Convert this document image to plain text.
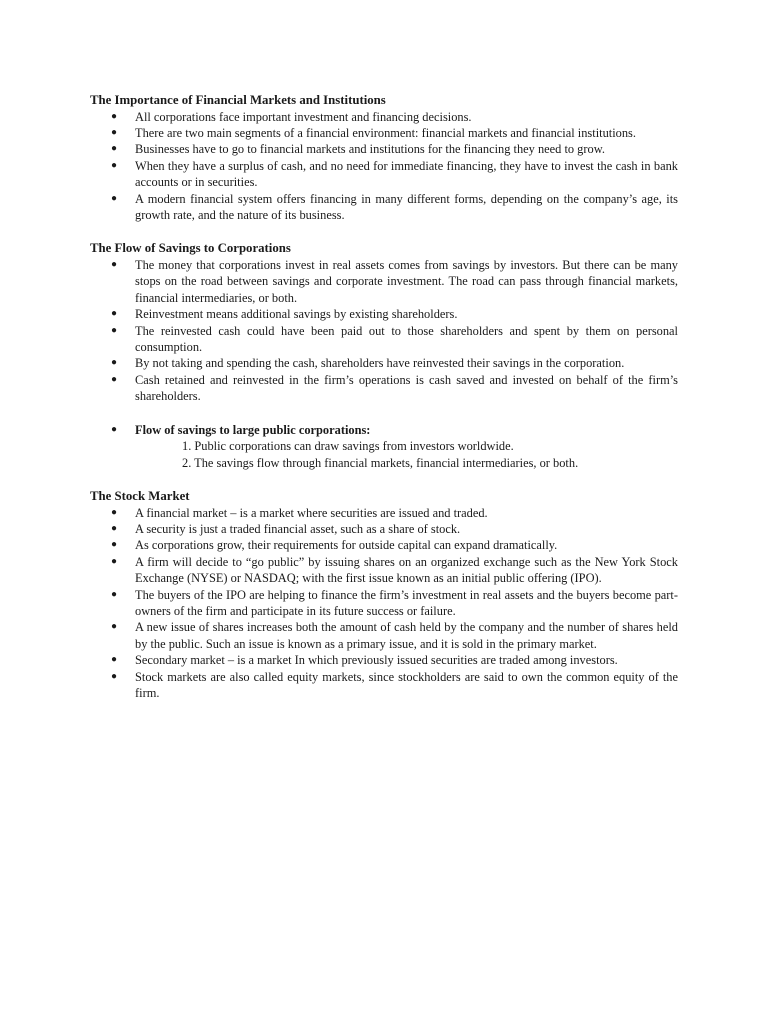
The Importance of Financial Markets and Institutions
● All corporations face important investment and financing decisions.
● There are two main segments of a financial environment: financial markets and financial institutions.
● Businesses have to go to financial markets and institutions for the financing they need to grow.
● When they have a surplus of cash, and no need for immediate financing, they have to invest the cash in bank accounts or in securities.
● A modern financial system offers financing in many different forms, depending on the company’s age, its growth rate, and the nature of its business.
The Flow of Savings to Corporations
● The money that corporations invest in real assets comes from savings by investors. But there can be many stops on the road between savings and corporate investment. The road can pass through financial markets, financial intermediaries, or both.
● Reinvestment means additional savings by existing shareholders.
● The reinvested cash could have been paid out to those shareholders and spent by them on personal consumption.
● By not taking and spending the cash, shareholders have reinvested their savings in the corporation.
● Cash retained and reinvested in the firm’s operations is cash saved and invested on behalf of the firm’s shareholders.
● Flow of savings to large public corporations:
1. Public corporations can draw savings from investors worldwide.
2. The savings flow through financial markets, financial intermediaries, or both.
The Stock Market
● A financial market – is a market where securities are issued and traded.
● A security is just a traded financial asset, such as a share of stock.
● As corporations grow, their requirements for outside capital can expand dramatically.
● A firm will decide to “go public” by issuing shares on an organized exchange such as the New York Stock Exchange (NYSE) or NASDAQ; with the first issue known as an initial public offering (IPO).
● The buyers of the IPO are helping to finance the firm’s investment in real assets and the buyers become part-owners of the firm and participate in its future success or failure.
● A new issue of shares increases both the amount of cash held by the company and the number of shares held by the public. Such an issue is known as a primary issue, and it is sold in the primary market.
● Secondary market – is a market In which previously issued securities are traded among investors.
● Stock markets are also called equity markets, since stockholders are said to own the common equity of the firm.
